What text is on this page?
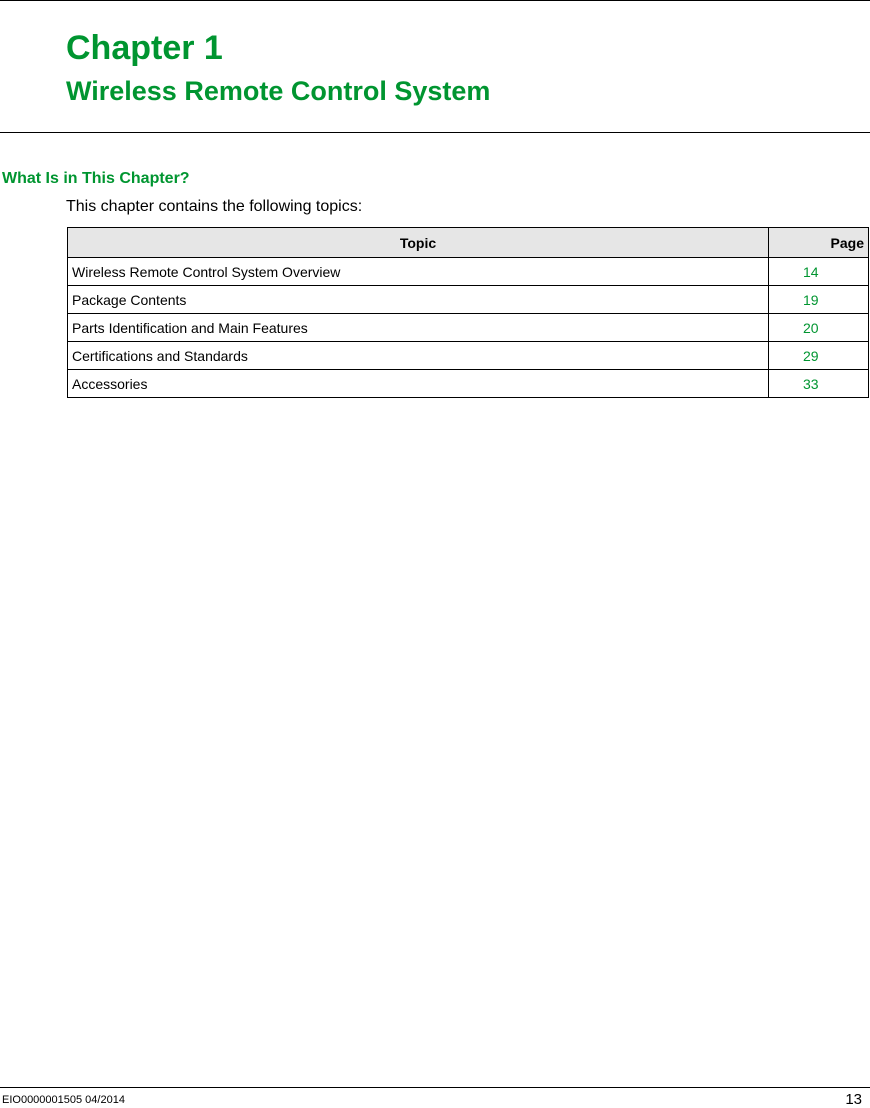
Chapter 1
Wireless Remote Control System
What Is in This Chapter?

This chapter contains the following topics:

Topic	Page
Wireless Remote Control System Overview	14
Package Contents	19
Parts Identification and Main Features	20
Certifications and Standards	29
Accessories	33
EIO0000001505 04/2014	13
